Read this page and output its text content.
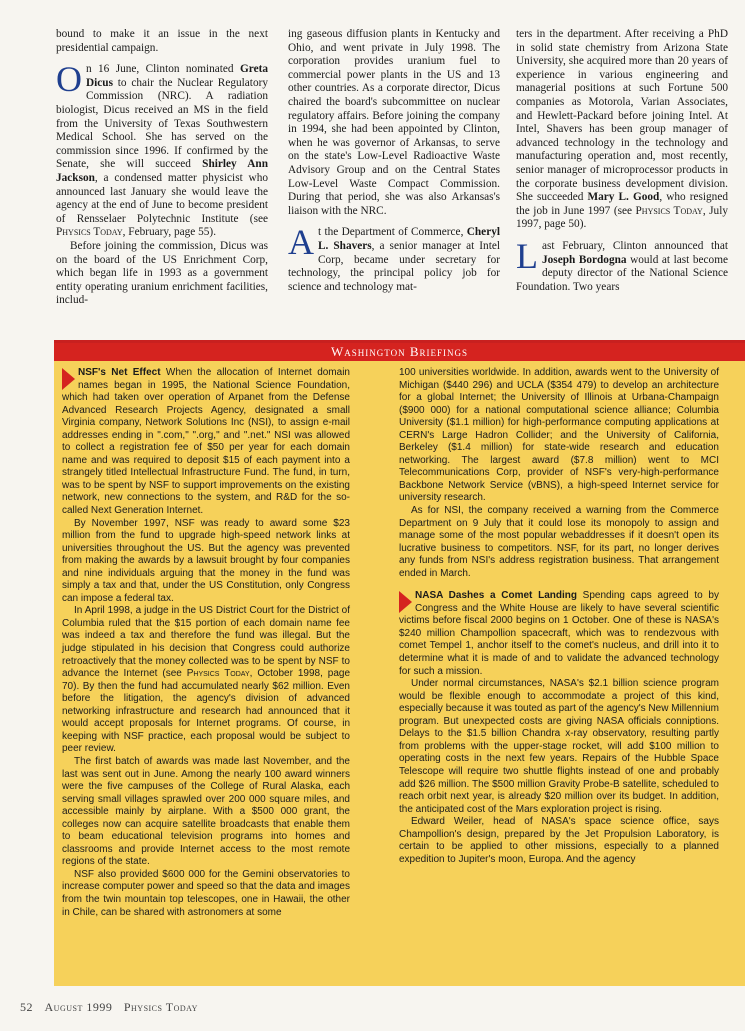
bound to make it an issue in the next presidential campaign.

On 16 June, Clinton nominated Greta Dicus to chair the Nuclear Regulatory Commission (NRC). A radiation biologist, Dicus received an MS in the field from the University of Texas Southwestern Medical School. She has served on the commission since 1996. If confirmed by the Senate, she will succeed Shirley Ann Jackson, a condensed matter physicist who announced last January she would leave the agency at the end of June to become president of Rensselaer Polytechnic Institute (see Physics Today, February, page 55).

Before joining the commission, Dicus was on the board of the US Enrichment Corp, which began life in 1993 as a government entity operating uranium enrichment facilities, includ-

ing gaseous diffusion plants in Kentucky and Ohio, and went private in July 1998. The corporation provides uranium fuel to commercial power plants in the US and 13 other countries. As a corporate director, Dicus chaired the board's subcommittee on nuclear regulatory affairs. Before joining the company in 1994, she had been appointed by Clinton, when he was governor of Arkansas, to serve on the state's Low-Level Radioactive Waste Advisory Group and on the Central States Low-Level Waste Compact Commission. During that period, she was also Arkansas's liaison with the NRC.

At the Department of Commerce, Cheryl L. Shavers, a senior manager at Intel Corp, became under secretary for technology, the principal policy job for science and technology mat-

ters in the department. After receiving a PhD in solid state chemistry from Arizona State University, she acquired more than 20 years of experience in various engineering and managerial positions at such Fortune 500 companies as Motorola, Varian Associates, and Hewlett-Packard before joining Intel. At Intel, Shavers has been group manager of advanced technology in the technology and manufacturing operation and, most recently, senior manager of microprocessor products in the corporate business development division. She succeeded Mary L. Good, who resigned the job in June 1997 (see Physics Today, July 1997, page 50).

Last February, Clinton announced that Joseph Bordogna would at last become deputy director of the National Science Foundation. Two years

Washington Briefings

NSF's Net Effect When the allocation of Internet domain names began in 1995, the National Science Foundation, which had taken over operation of Arpanet from the Defense Advanced Research Projects Agency, designated a small Virginia company, Network Solutions Inc (NSI), to assign e-mail addresses ending in ".com," ".org," and ".net." NSI was allowed to collect a registration fee of $50 per year for each domain name and was required to deposit $15 of each payment into a strangely titled Intellectual Infrastructure Fund. The fund, in turn, was to be spent by NSF to support improvements on the existing network, new connections to the system, and R&D for the so-called Next Generation Internet.

By November 1997, NSF was ready to award some $23 million from the fund to upgrade high-speed network links at universities throughout the US. But the agency was prevented from making the awards by a lawsuit brought by four companies and nine individuals arguing that the money in the fund was simply a tax and that, under the US Constitution, only Congress can impose a federal tax.

In April 1998, a judge in the US District Court for the District of Columbia ruled that the $15 portion of each domain name fee was indeed a tax and therefore the fund was illegal. But the judge stipulated in his decision that Congress could authorize retroactively that the money collected was to be spent by NSF to advance the Internet (see Physics Today, October 1998, page 70). By then the fund had accumulated nearly $62 million. Even before the litigation, the agency's division of advanced networking infrastructure and research had announced that it would accept proposals for Internet programs. Of course, in keeping with NSF practice, each proposal would be subject to peer review.

The first batch of awards was made last November, and the last was sent out in June. Among the nearly 100 award winners were the five campuses of the College of Rural Alaska, each serving small villages sprawled over 200 000 square miles, and accessible mainly by airplane. With a $500 000 grant, the colleges now can acquire satellite broadcasts that enable them to beam educational television programs into homes and classrooms and provide Internet access to the most remote regions of the state.

NSF also provided $600 000 for the Gemini observatories to increase computer power and speed so that the data and images from the twin mountain top telescopes, one in Hawaii, the other in Chile, can be shared with astronomers at some

100 universities worldwide. In addition, awards went to the University of Michigan ($440 296) and UCLA ($354 479) to develop an architecture for a global Internet; the University of Illinois at Urbana-Champaign ($900 000) for a national computational science alliance; Columbia University ($1.1 million) for high-performance computing applications at CERN's Large Hadron Collider; and the University of California, Berkeley ($1.4 million) for state-wide research and education networking. The largest award ($7.8 million) went to MCI Telecommunications Corp, provider of NSF's very-high-performance Backbone Network Service (vBNS), a high-speed Internet service for university research.

As for NSI, the company received a warning from the Commerce Department on 9 July that it could lose its monopoly to assign and manage some of the most popular webaddresses if it doesn't open its lucrative business to competitors. NSF, for its part, no longer derives any funds from NSI's address registration business. That arrangement ended in March.

NASA Dashes a Comet Landing Spending caps agreed to by Congress and the White House are likely to have several scientific victims before fiscal 2000 begins on 1 October. One of these is NASA's $240 million Champollion spacecraft, which was to rendezvous with comet Tempel 1, anchor itself to the comet's nucleus, and drill into it to determine what it is made of and to validate the advanced technology for such a mission.

Under normal circumstances, NASA's $2.1 billion science program would be flexible enough to accommodate a project of this kind, especially because it was touted as part of the agency's New Millennium program. But unexpected costs are giving NASA officials conniptions. Delays to the $1.5 billion Chandra x-ray observatory, resulting partly from problems with the upper-stage rocket, will add $100 million to operating costs in the next few years. Repairs of the Hubble Space Telescope will require two shuttle flights instead of one and probably add $26 million. The $500 million Gravity Probe-B satellite, scheduled to reach orbit next year, is already $20 million over its budget. In addition, the anticipated cost of the Mars exploration project is rising.

Edward Weiler, head of NASA's space science office, says Champollion's design, prepared by the Jet Propulsion Laboratory, is certain to be applied to other missions, especially to a planned expedition to Jupiter's moon, Europa. And the agency

52 August 1999 Physics Today
